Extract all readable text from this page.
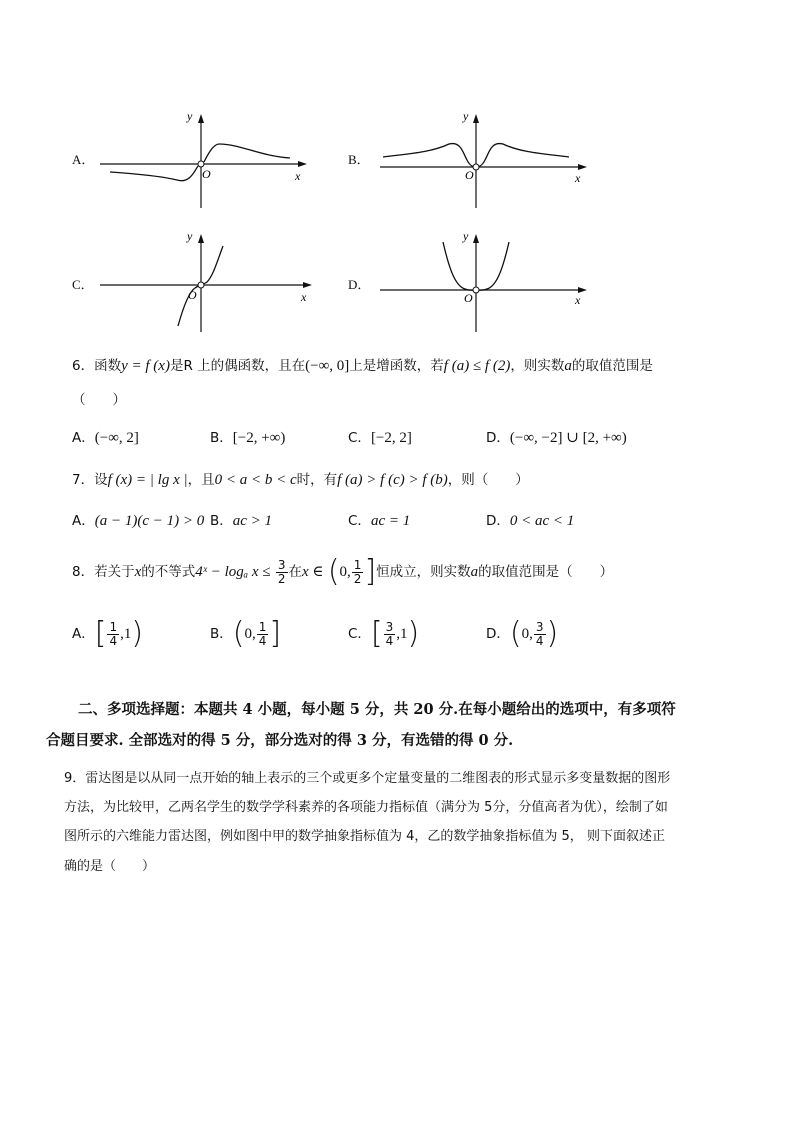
A．
y
x
O
B．
y
x
O
C．
y
x
O
D．
y
x
O
6．函数y = f (x)是R 上的偶函数，且在(−∞, 0]上是增函数，若f (a) ≤ f (2)，则实数a的取值范围是
（　　）
A．(−∞, 2]	B．[−2, +∞)	C．[−2, 2]	D．(−∞, −2] ∪ [2, +∞)
7．设f (x) = | lg x |，且0 < a < b < c时，有f (a) > f (c) > f (b)，则（　　）
A．(a − 1)(c − 1) > 0 B．ac > 1	C．ac = 1	D．0 < ac < 1
8．若关于x的不等式4ˣ − logₐ $x \le \frac{3}{2}$ 在x ∈ (0, $\frac{1}{2}$ ]恒成立，则实数a的取值范围是（　　）
A．[ $\frac{1}{4} ,1$)	B．(0, $\frac{1}{4}$ ]	C．[ $\frac{3}{4} ,1$)	D．(0, $\frac{3}{4}$ )
二、多项选择题：本题共 4 小题，每小题 5 分，共 20 分.在每小题给出的选项中，有多项符
合题目要求. 全部选对的得 5 分，部分选对的得 3 分，有选错的得 0 分.
9．雷达图是以从同一点开始的轴上表示的三个或更多个定量变量的二维图表的形式显示多变量数据的图形
方法，为比较甲，乙两名学生的数学学科素养的各项能力指标值（满分为 5分，分值高者为优），绘制了如
图所示的六维能力雷达图，例如图中甲的数学抽象指标值为 4，乙的数学抽象指标值为 5， 则下面叙述正
确的是（　　）
